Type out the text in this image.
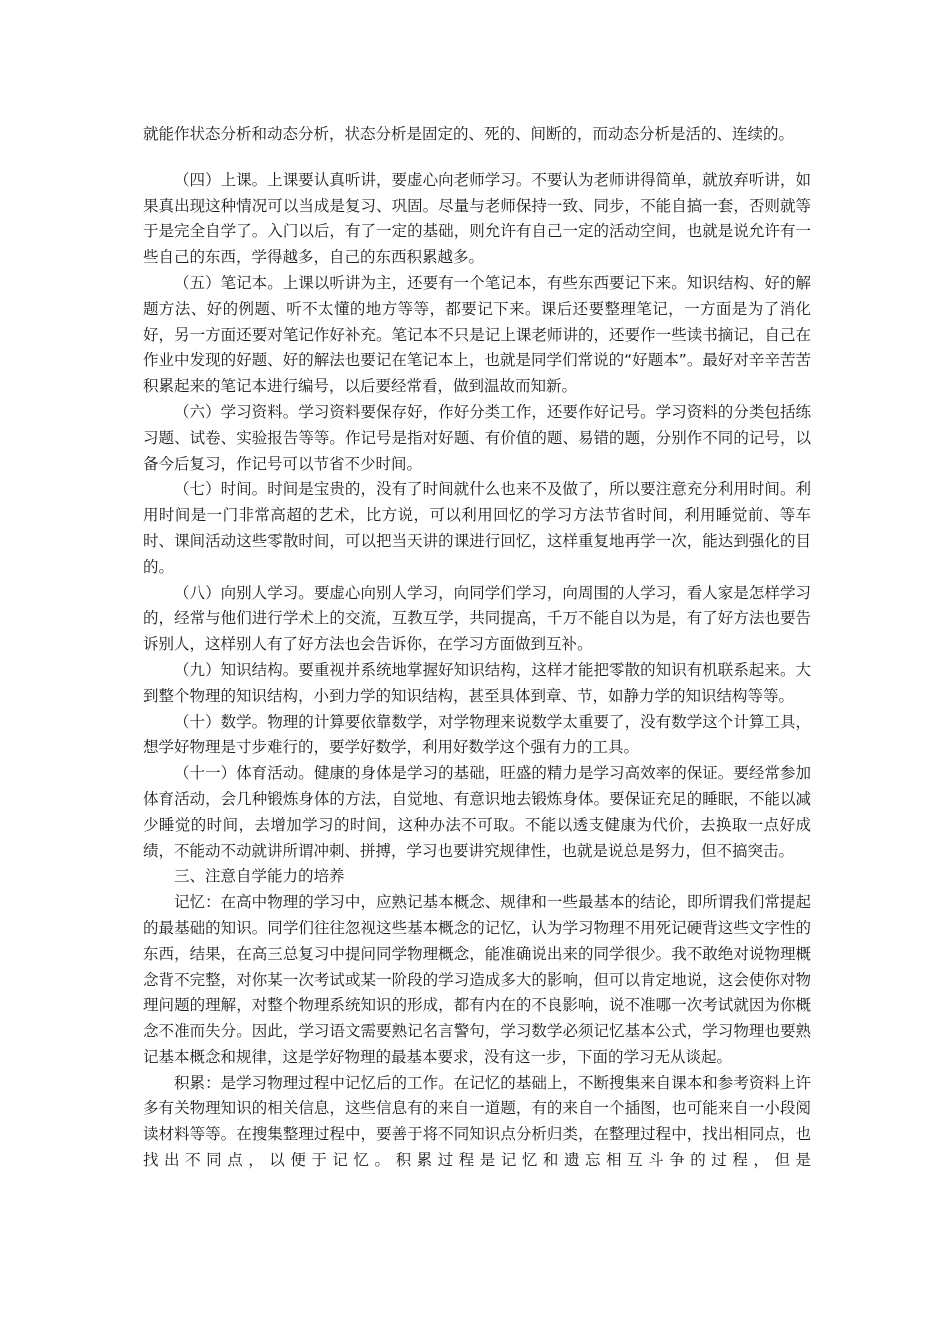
就能作状态分析和动态分析，状态分析是固定的、死的、间断的，而动态分析是活的、连续的。

（四）上课。上课要认真听讲，要虚心向老师学习。不要认为老师讲得简单，就放弃听讲，如果真出现这种情况可以当成是复习、巩固。尽量与老师保持一致、同步，不能自搞一套，否则就等于是完全自学了。入门以后，有了一定的基础，则允许有自己一定的活动空间，也就是说允许有一些自己的东西，学得越多，自己的东西积累越多。

（五）笔记本。上课以听讲为主，还要有一个笔记本，有些东西要记下来。知识结构、好的解题方法、好的例题、听不太懂的地方等等，都要记下来。课后还要整理笔记，一方面是为了消化好，另一方面还要对笔记作好补充。笔记本不只是记上课老师讲的，还要作一些读书摘记，自己在作业中发现的好题、好的解法也要记在笔记本上，也就是同学们常说的“好题本”。最好对辛辛苦苦积累起来的笔记本进行编号，以后要经常看，做到温故而知新。

（六）学习资料。学习资料要保存好，作好分类工作，还要作好记号。学习资料的分类包括练习题、试卷、实验报告等等。作记号是指对好题、有价值的题、易错的题，分别作不同的记号，以备今后复习，作记号可以节省不少时间。

（七）时间。时间是宝贵的，没有了时间就什么也来不及做了，所以要注意充分利用时间。利用时间是一门非常高超的艺术，比方说，可以利用回忆的学习方法节省时间，利用睡觉前、等车时、课间活动这些零散时间，可以把当天讲的课进行回忆，这样重复地再学一次，能达到强化的目的。

（八）向别人学习。要虚心向别人学习，向同学们学习，向周围的人学习，看人家是怎样学习的，经常与他们进行学术上的交流，互教互学，共同提高，千万不能自以为是，有了好方法也要告诉别人，这样别人有了好方法也会告诉你，在学习方面做到互补。

（九）知识结构。要重视并系统地掌握好知识结构，这样才能把零散的知识有机联系起来。大到整个物理的知识结构，小到力学的知识结构，甚至具体到章、节，如静力学的知识结构等等。

（十）数学。物理的计算要依靠数学，对学物理来说数学太重要了，没有数学这个计算工具，想学好物理是寸步难行的，要学好数学，利用好数学这个强有力的工具。

（十一）体育活动。健康的身体是学习的基础，旺盛的精力是学习高效率的保证。要经常参加体育活动，会几种锻炼身体的方法，自觉地、有意识地去锻炼身体。要保证充足的睡眠，不能以减少睡觉的时间，去增加学习的时间，这种办法不可取。不能以透支健康为代价，去换取一点好成绩，不能动不动就讲所谓冲刺、拼搏，学习也要讲究规律性，也就是说总是努力，但不搞突击。

三、注意自学能力的培养

记忆：在高中物理的学习中，应熟记基本概念、规律和一些最基本的结论，即所谓我们常提起的最基础的知识。同学们往往忽视这些基本概念的记忆，认为学习物理不用死记硬背这些文字性的东西，结果，在高三总复习中提问同学物理概念，能准确说出来的同学很少。我不敢绝对说物理概念背不完整，对你某一次考试或某一阶段的学习造成多大的影响，但可以肯定地说，这会使你对物理问题的理解，对整个物理系统知识的形成，都有内在的不良影响，说不准哪一次考试就因为你概念不准而失分。因此，学习语文需要熟记名言警句，学习数学必须记忆基本公式，学习物理也要熟记基本概念和规律，这是学好物理的最基本要求，没有这一步，下面的学习无从谈起。

积累：是学习物理过程中记忆后的工作。在记忆的基础上，不断搜集来自课本和参考资料上许多有关物理知识的相关信息，这些信息有的来自一道题，有的来自一个插图，也可能来自一小段阅读材料等等。在搜集整理过程中，要善于将不同知识点分析归类，在整理过程中，找出相同点，也找出不同点，以便于记忆。积累过程是记忆和遗忘相互斗争的过程，但是
